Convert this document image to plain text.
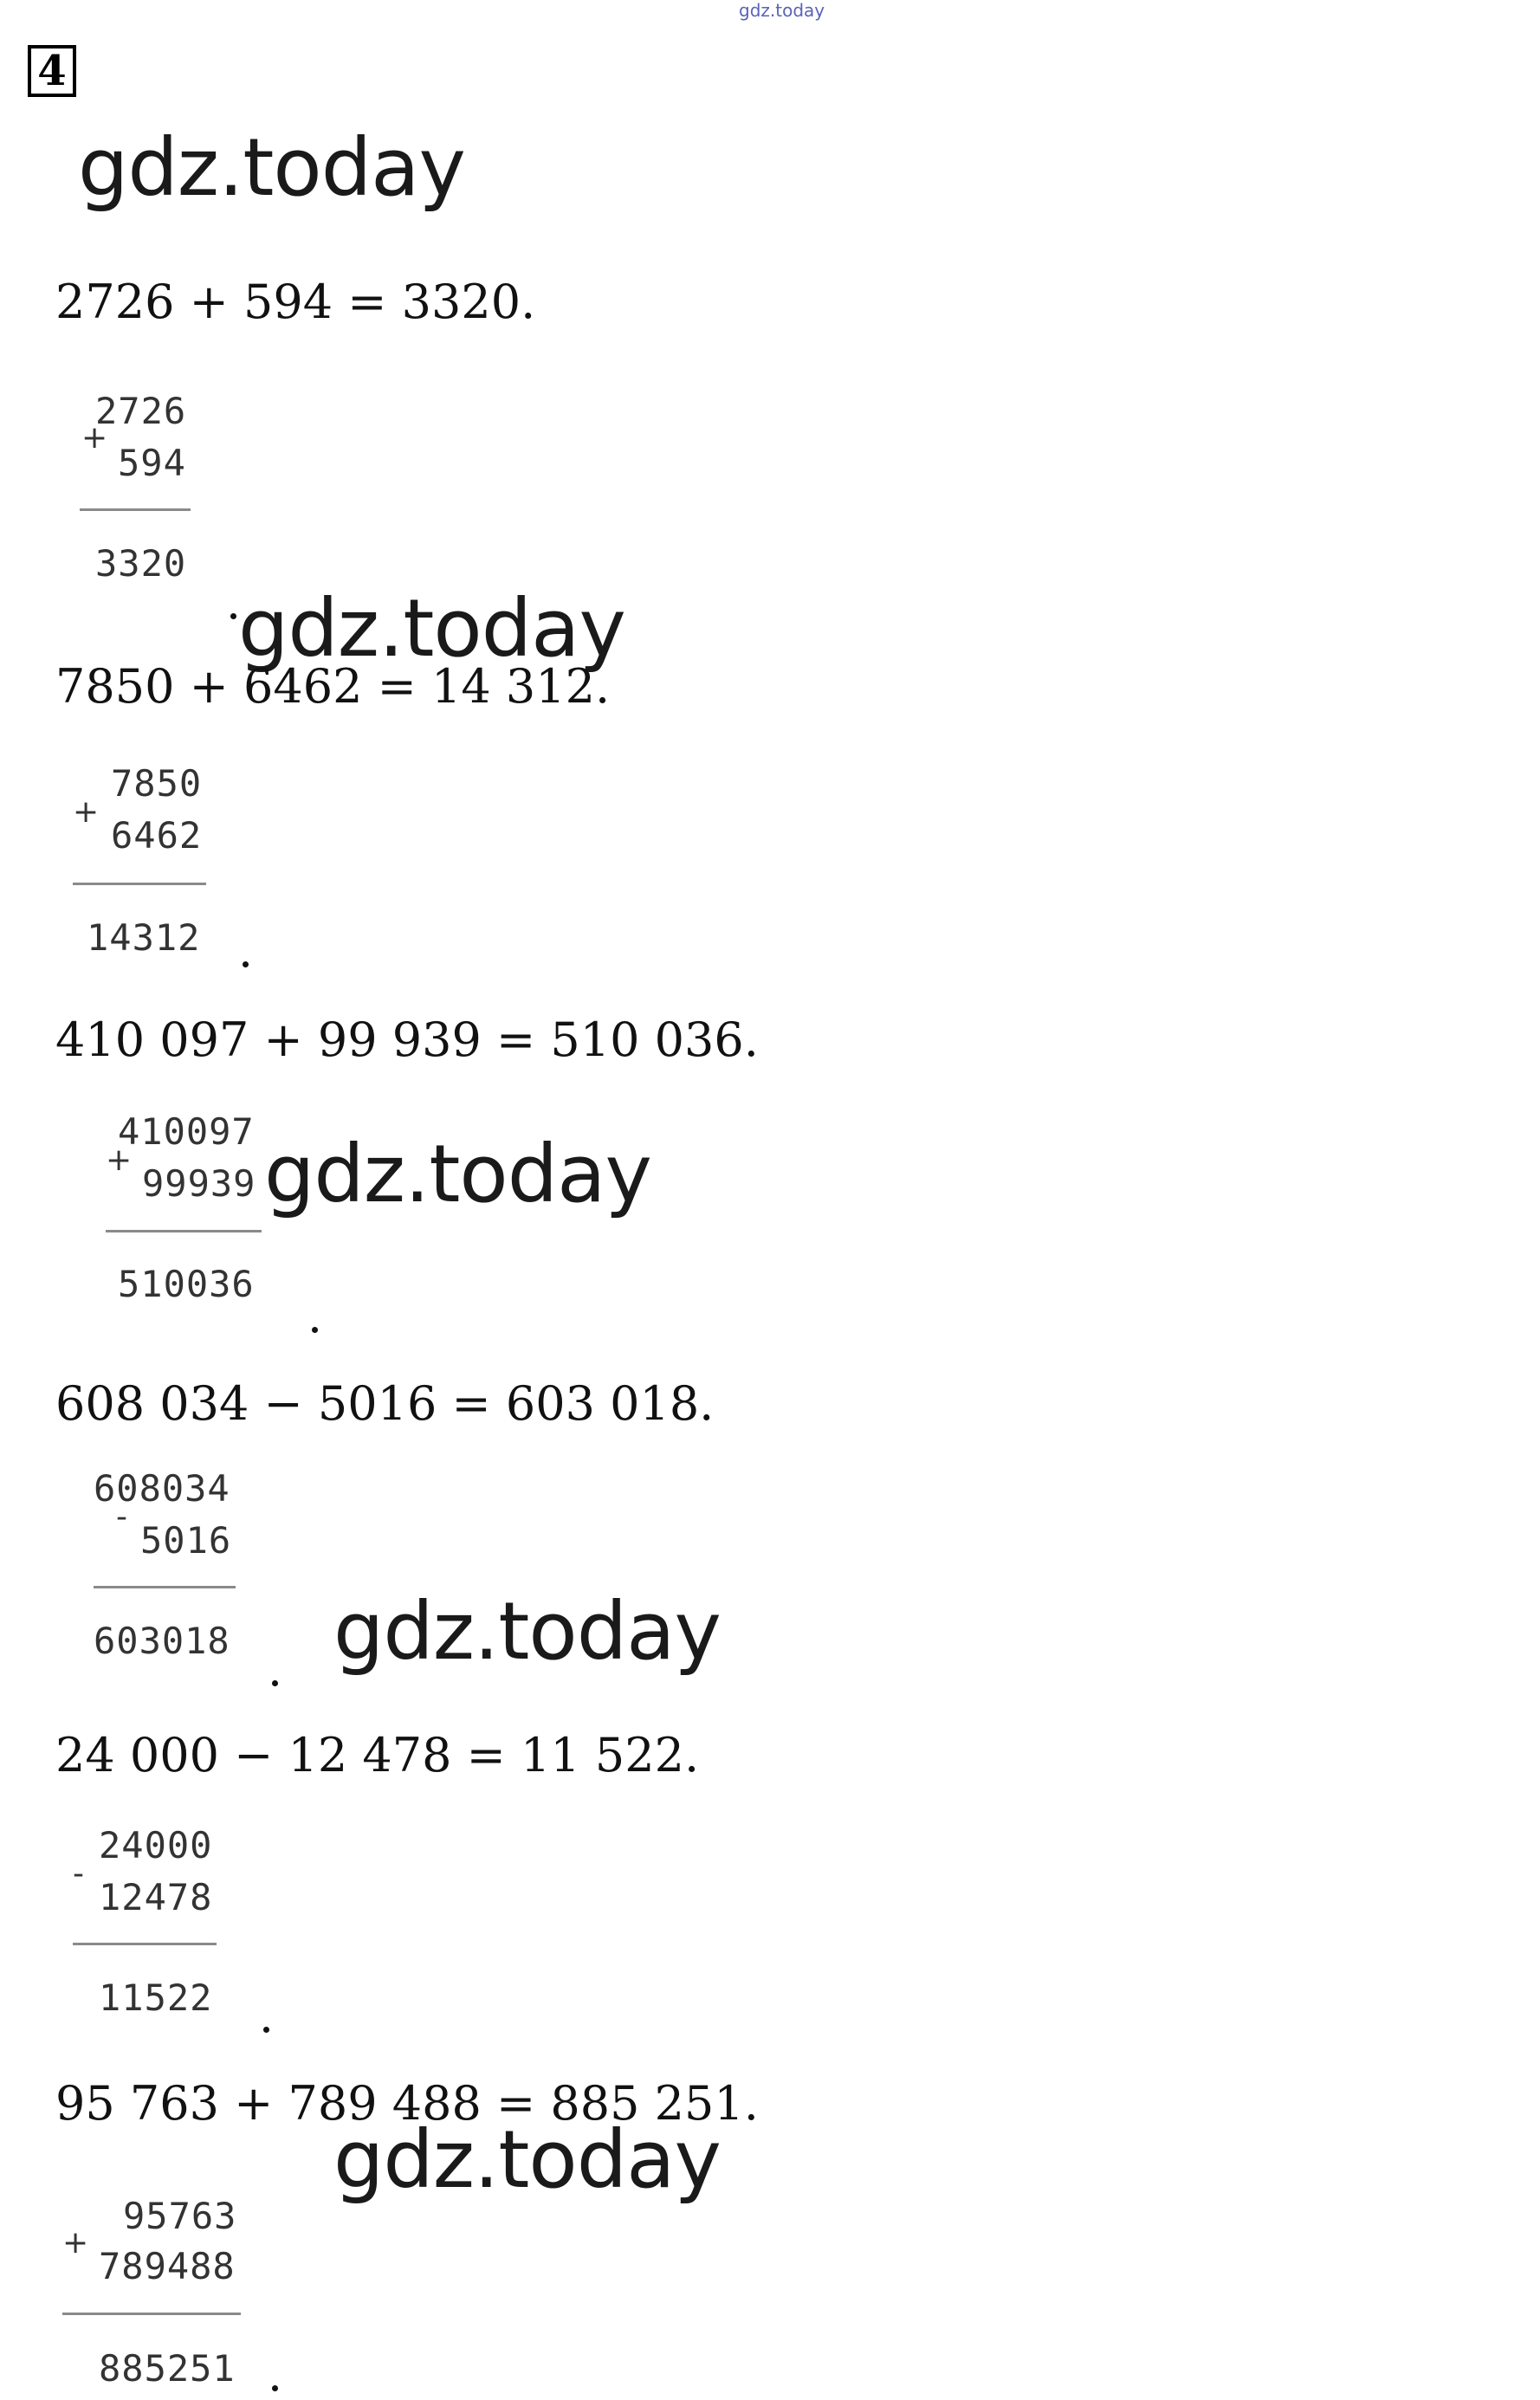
gdz.today
4
gdz.today
gdz.today
gdz.today
gdz.today
gdz.today
2726 + 594 = 3320.
2726
+
594
3320
7850 + 6462 = 14 312.
7850
+
6462
14312
410 097 + 99 939 = 510 036.
410097
+
99939
510036
608 034 − 5016 = 603 018.
608034
-
5016
603018
24 000 − 12 478 = 11 522.
24000
-
12478
11522
95 763 + 789 488 = 885 251.
95763
+
789488
885251
